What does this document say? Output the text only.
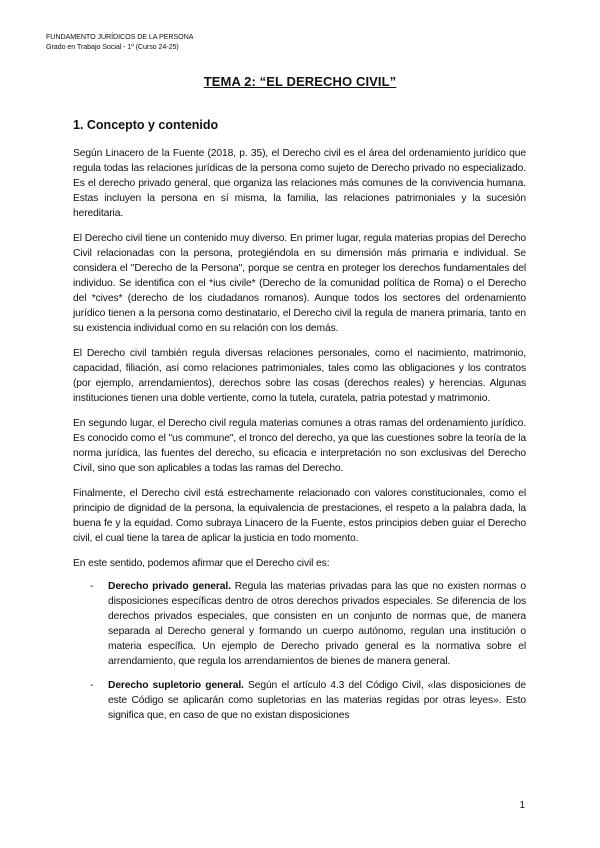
FUNDAMENTO JURÍDICOS DE LA PERSONA
Grado en Trabajo Social - 1º (Curso 24-25)
TEMA 2: “EL DERECHO CIVIL”
1. Concepto y contenido

Según Linacero de la Fuente (2018, p. 35), el Derecho civil es el área del ordenamiento jurídico que regula todas las relaciones jurídicas de la persona como sujeto de Derecho privado no especializado. Es el derecho privado general, que organiza las relaciones más comunes de la convivencia humana. Estas incluyen la persona en sí misma, la familia, las relaciones patrimoniales y la sucesión hereditaria.

El Derecho civil tiene un contenido muy diverso. En primer lugar, regula materias propias del Derecho Civil relacionadas con la persona, protegiéndola en su dimensión más primaria e individual. Se considera el "Derecho de la Persona", porque se centra en proteger los derechos fundamentales del individuo. Se identifica con el *ius civile* (Derecho de la comunidad política de Roma) o el Derecho del *cives* (derecho de los ciudadanos romanos). Aunque todos los sectores del ordenamiento jurídico tienen a la persona como destinatario, el Derecho civil la regula de manera primaria, tanto en su existencia individual como en su relación con los demás.

El Derecho civil también regula diversas relaciones personales, como el nacimiento, matrimonio, capacidad, filiación, así como relaciones patrimoniales, tales como las obligaciones y los contratos (por ejemplo, arrendamientos), derechos sobre las cosas (derechos reales) y herencias. Algunas instituciones tienen una doble vertiente, como la tutela, curatela, patria potestad y matrimonio.

En segundo lugar, el Derecho civil regula materias comunes a otras ramas del ordenamiento jurídico. Es conocido como el "us commune", el tronco del derecho, ya que las cuestiones sobre la teoría de la norma jurídica, las fuentes del derecho, su eficacia e interpretación no son exclusivas del Derecho Civil, sino que son aplicables a todas las ramas del Derecho.

Finalmente, el Derecho civil está estrechamente relacionado con valores constitucionales, como el principio de dignidad de la persona, la equivalencia de prestaciones, el respeto a la palabra dada, la buena fe y la equidad. Como subraya Linacero de la Fuente, estos principios deben guiar el Derecho civil, el cual tiene la tarea de aplicar la justicia en todo momento.

En este sentido, podemos afirmar que el Derecho civil es:

- Derecho privado general. Regula las materias privadas para las que no existen normas o disposiciones específicas dentro de otros derechos privados especiales. Se diferencia de los derechos privados especiales, que consisten en un conjunto de normas que, de manera separada al Derecho general y formando un cuerpo autónomo, regulan una institución o materia específica. Un ejemplo de Derecho privado general es la normativa sobre el arrendamiento, que regula los arrendamientos de bienes de manera general.
- Derecho supletorio general. Según el artículo 4.3 del Código Civil, «las disposiciones de este Código se aplicarán como supletorias en las materias regidas por otras leyes». Esto significa que, en caso de que no existan disposiciones
1
